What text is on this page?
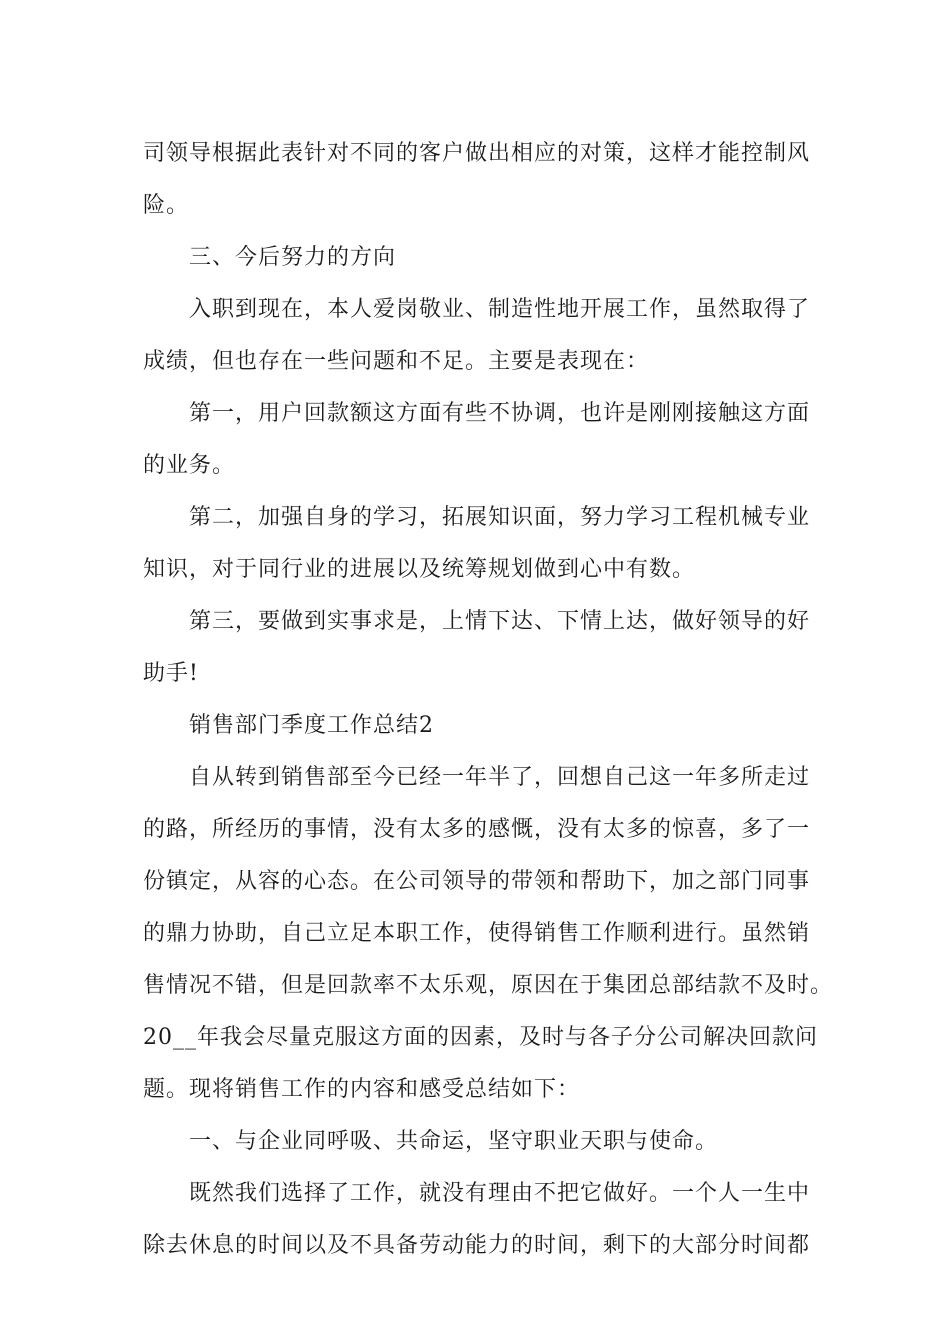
司领导根据此表针对不同的客户做出相应的对策，这样才能控制风
险。
三、今后努力的方向
入职到现在，本人爱岗敬业、制造性地开展工作，虽然取得了
成绩，但也存在一些问题和不足。主要是表现在：
第一，用户回款额这方面有些不协调，也许是刚刚接触这方面
的业务。
第二，加强自身的学习，拓展知识面，努力学习工程机械专业
知识，对于同行业的进展以及统筹规划做到心中有数。
第三，要做到实事求是，上情下达、下情上达，做好领导的好
助手!
销售部门季度工作总结2
自从转到销售部至今已经一年半了，回想自己这一年多所走过
的路，所经历的事情，没有太多的感慨，没有太多的惊喜，多了一
份镇定，从容的心态。在公司领导的带领和帮助下，加之部门同事
的鼎力协助，自己立足本职工作，使得销售工作顺利进行。虽然销
售情况不错，但是回款率不太乐观，原因在于集团总部结款不及时。
20__年我会尽量克服这方面的因素，及时与各子分公司解决回款问
题。现将销售工作的内容和感受总结如下：
一、与企业同呼吸、共命运，坚守职业天职与使命。
既然我们选择了工作，就没有理由不把它做好。一个人一生中
除去休息的时间以及不具备劳动能力的时间，剩下的大部分时间都
